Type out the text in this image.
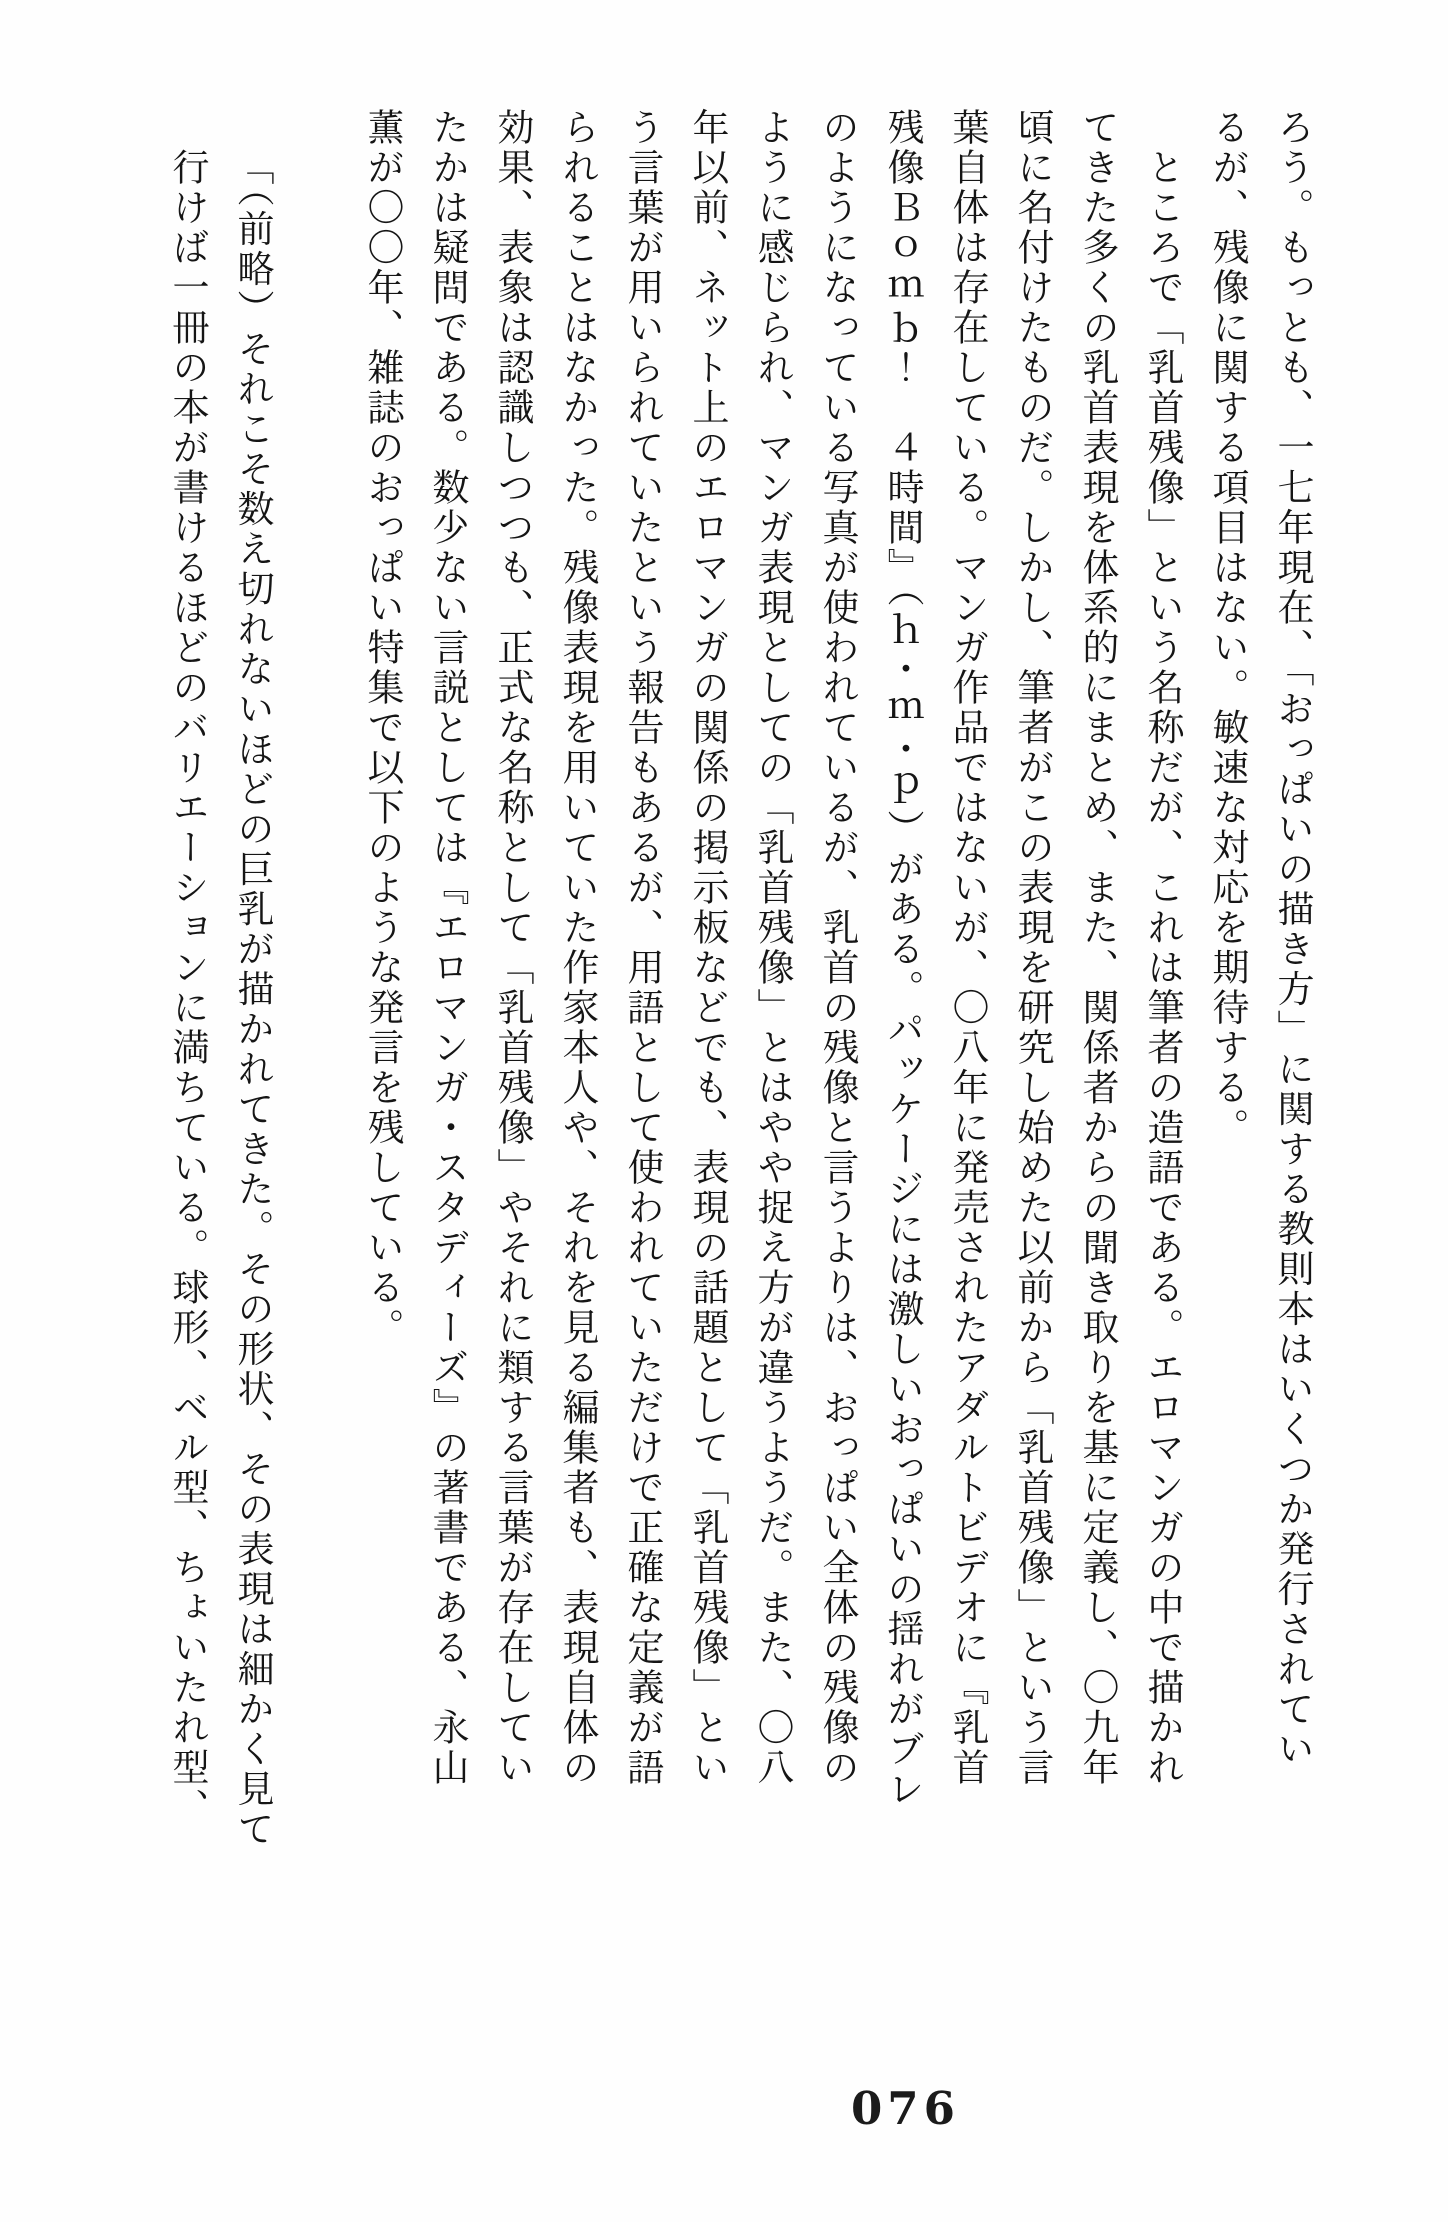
ろう。もっとも、一七年現在、「おっぱいの描き方」に関する教則本はいくつか発行されてい
るが、残像に関する項目はない。敏速な対応を期待する。
　ところで「乳首残像」という名称だが、これは筆者の造語である。エロマンガの中で描かれ
てきた多くの乳首表現を体系的にまとめ、また、関係者からの聞き取りを基に定義し、〇九年
頃に名付けたものだ。しかし、筆者がこの表現を研究し始めた以前から「乳首残像」という言
葉自体は存在している。マンガ作品ではないが、〇八年に発売されたアダルトビデオに『乳首
残像Ｂｏｍｂ！　４時間』（ｈ・ｍ・ｐ）がある。パッケージには激しいおっぱいの揺れがブレ
のようになっている写真が使われているが、乳首の残像と言うよりは、おっぱい全体の残像の
ように感じられ、マンガ表現としての「乳首残像」とはやや捉え方が違うようだ。また、〇八
年以前、ネット上のエロマンガの関係の掲示板などでも、表現の話題として「乳首残像」とい
う言葉が用いられていたという報告もあるが、用語として使われていただけで正確な定義が語
られることはなかった。残像表現を用いていた作家本人や、それを見る編集者も、表現自体の
効果、表象は認識しつつも、正式な名称として「乳首残像」やそれに類する言葉が存在してい
たかは疑問である。数少ない言説としては『エロマンガ・スタディーズ』の著書である、永山
薫が〇〇年、雑誌のおっぱい特集で以下のような発言を残している。
「（前略）それこそ数え切れないほどの巨乳が描かれてきた。その形状、その表現は細かく見て
行けば一冊の本が書けるほどのバリエーションに満ちている。球形、ベル型、ちょいたれ型、
076
